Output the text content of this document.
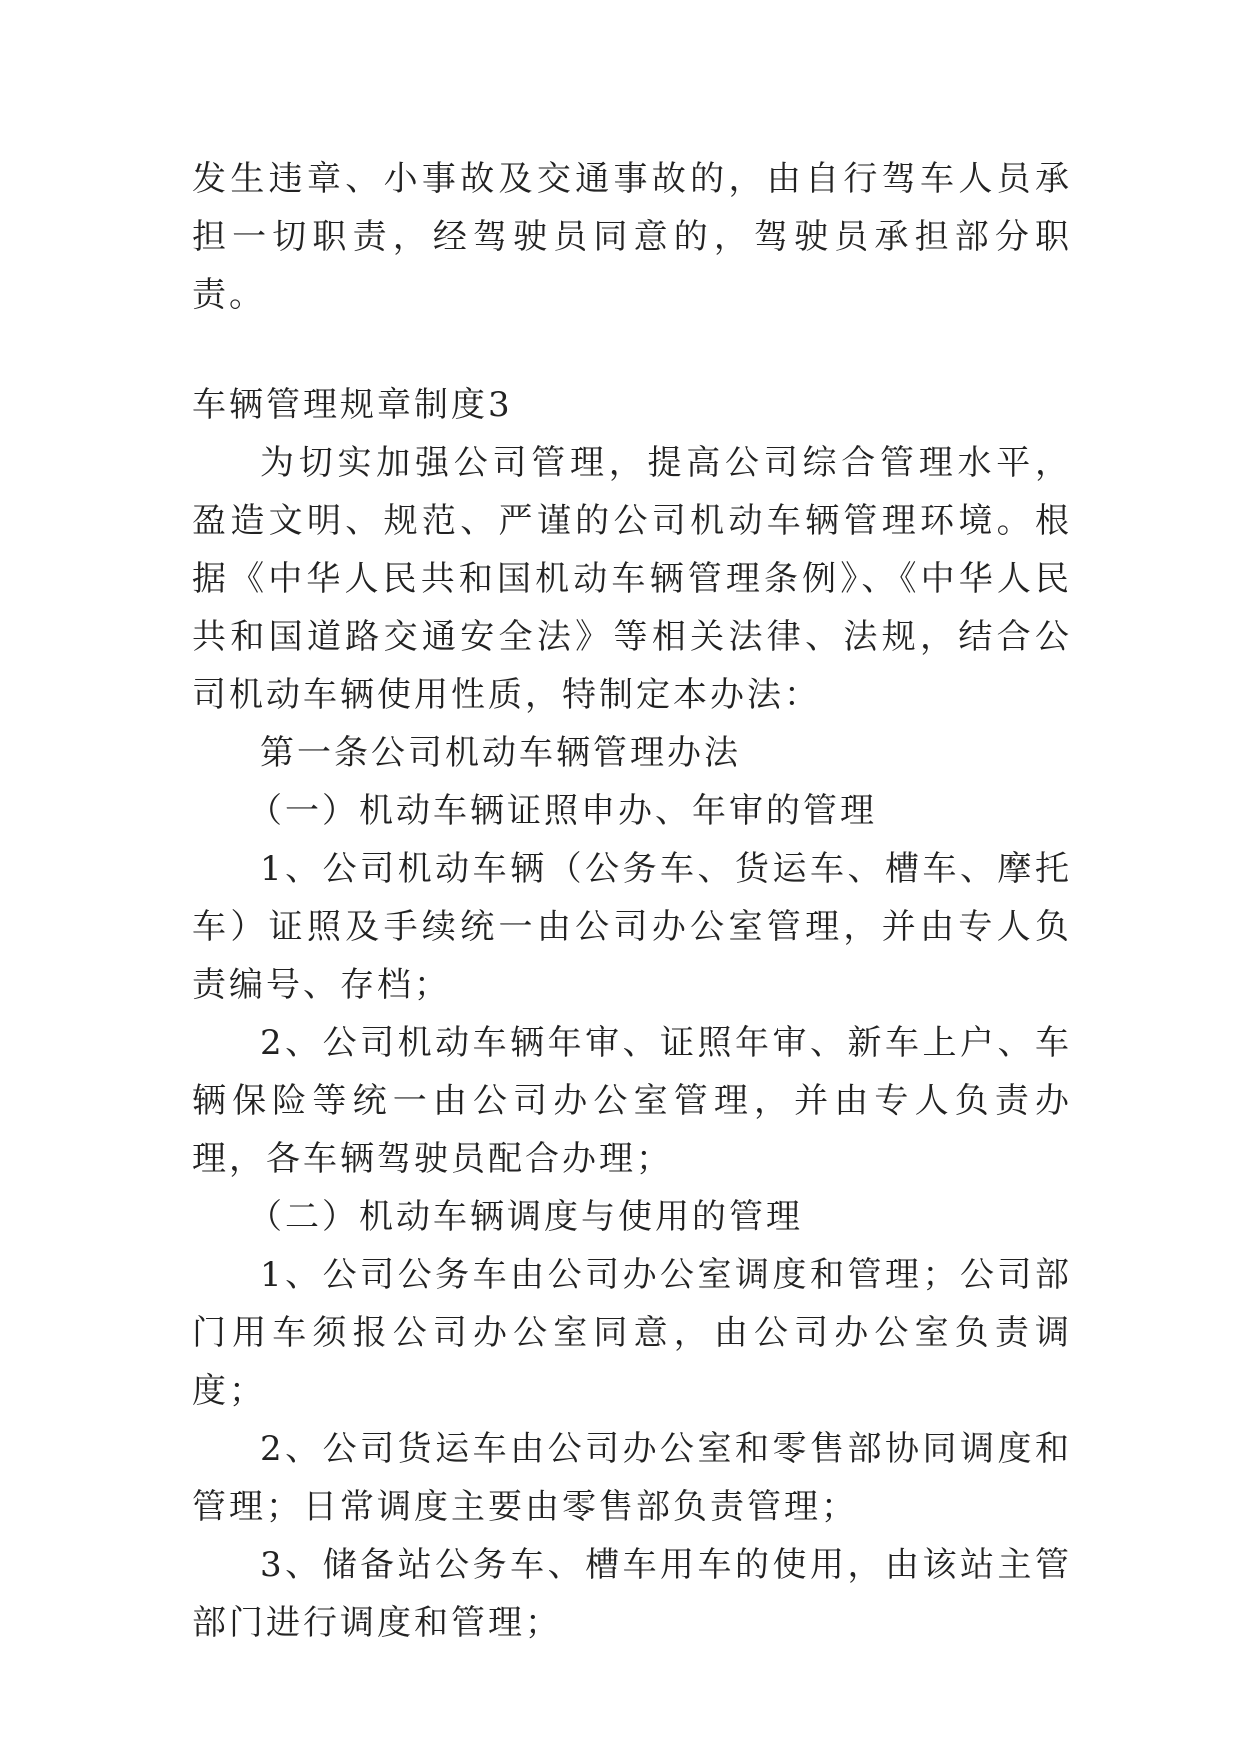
发生违章、小事故及交通事故的，由自行驾车人员承担一切职责，经驾驶员同意的，驾驶员承担部分职责。

车辆管理规章制度3

为切实加强公司管理，提高公司综合管理水平，盈造文明、规范、严谨的公司机动车辆管理环境。根据《中华人民共和国机动车辆管理条例》、《中华人民共和国道路交通安全法》等相关法律、法规，结合公司机动车辆使用性质，特制定本办法：

第一条公司机动车辆管理办法

（一）机动车辆证照申办、年审的管理

1、公司机动车辆（公务车、货运车、槽车、摩托车）证照及手续统一由公司办公室管理，并由专人负责编号、存档；

2、公司机动车辆年审、证照年审、新车上户、车辆保险等统一由公司办公室管理，并由专人负责办理，各车辆驾驶员配合办理；

（二）机动车辆调度与使用的管理

1、公司公务车由公司办公室调度和管理；公司部门用车须报公司办公室同意，由公司办公室负责调度；

2、公司货运车由公司办公室和零售部协同调度和管理；日常调度主要由零售部负责管理；

3、储备站公务车、槽车用车的使用，由该站主管部门进行调度和管理；
